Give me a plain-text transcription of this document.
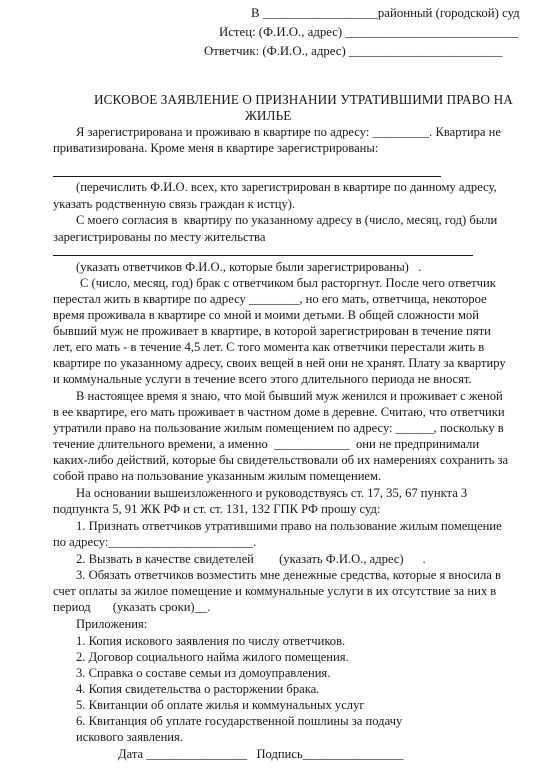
В __________________районный (городской) суд
Истец: (Ф.И.О., адрес) ___________________________
Ответчик: (Ф.И.О., адрес) ________________________
ИСКОВОЕ ЗАЯВЛЕНИЕ О ПРИЗНАНИИ УТРАТИВШИМИ ПРАВО НА
ЖИЛЬЕ
Я зарегистрирована и проживаю в квартире по адресу: _________. Квартира не
приватизирована. Кроме меня в квартире зарегистрированы:
(перечислить Ф.И.О. всех, кто зарегистрирован в квартире по данному адресу,
указать родственную связь граждан к истцу).
С моего согласия в  квартиру по указанному адресу в (число, месяц, год) были
зарегистрированы по месту жительства
(указать ответчиков Ф.И.О., которые были зарегистрированы)   .
С (число, месяц, год) брак с ответчиком был расторгнут. После чего ответчик
перестал жить в квартире по адресу ________, но его мать, ответчица, некоторое
время проживала в квартире со мной и моими детьми. В общей сложности мой
бывший муж не проживает в квартире, в которой зарегистрирован в течение пяти
лет, его мать - в течение 4,5 лет. С того момента как ответчики перестали жить в
квартире по указанному адресу, своих вещей в ней они не хранят. Плату за квартиру
и коммунальные услуги в течение всего этого длительного периода не вносят.
В настоящее время я знаю, что мой бывший муж женился и проживает с женой
в ее квартире, его мать проживает в частном доме в деревне. Считаю, что ответчики
утратили право на пользование жилым помещением по адресу: ______, поскольку в
течение длительного времени, а именно  ____________  они не предпринимали
каких-либо действий, которые бы свидетельствовали об их намерениях сохранить за
собой право на пользование указанным жилым помещением.
На основании вышеизложенного и руководствуясь ст. 17, 35, 67 пункта 3
подпункта 5, 91 ЖК РФ и ст. ст. 131, 132 ГПК РФ прошу суд:
1. Признать ответчиков утратившими право на пользование жилым помещение
по адресу:_______________________.
2. Вызвать в качестве свидетелей        (указать Ф.И.О., адрес)      .
3. Обязать ответчиков возместить мне денежные средства, которые я вносила в
счет оплаты за жилое помещение и коммунальные услуги в их отсутствие за них в
период       (указать сроки)__.
Приложения:
1. Копия искового заявления по числу ответчиков.
2. Договор социального найма жилого помещения.
3. Справка о составе семьи из домоуправления.
4. Копия свидетельства о расторжении брака.
5. Квитанции об оплате жилья и коммунальных услуг
6. Квитанция об уплате государственной пошлины за подачу
искового заявления.
Дата ________________   Подпись________________
